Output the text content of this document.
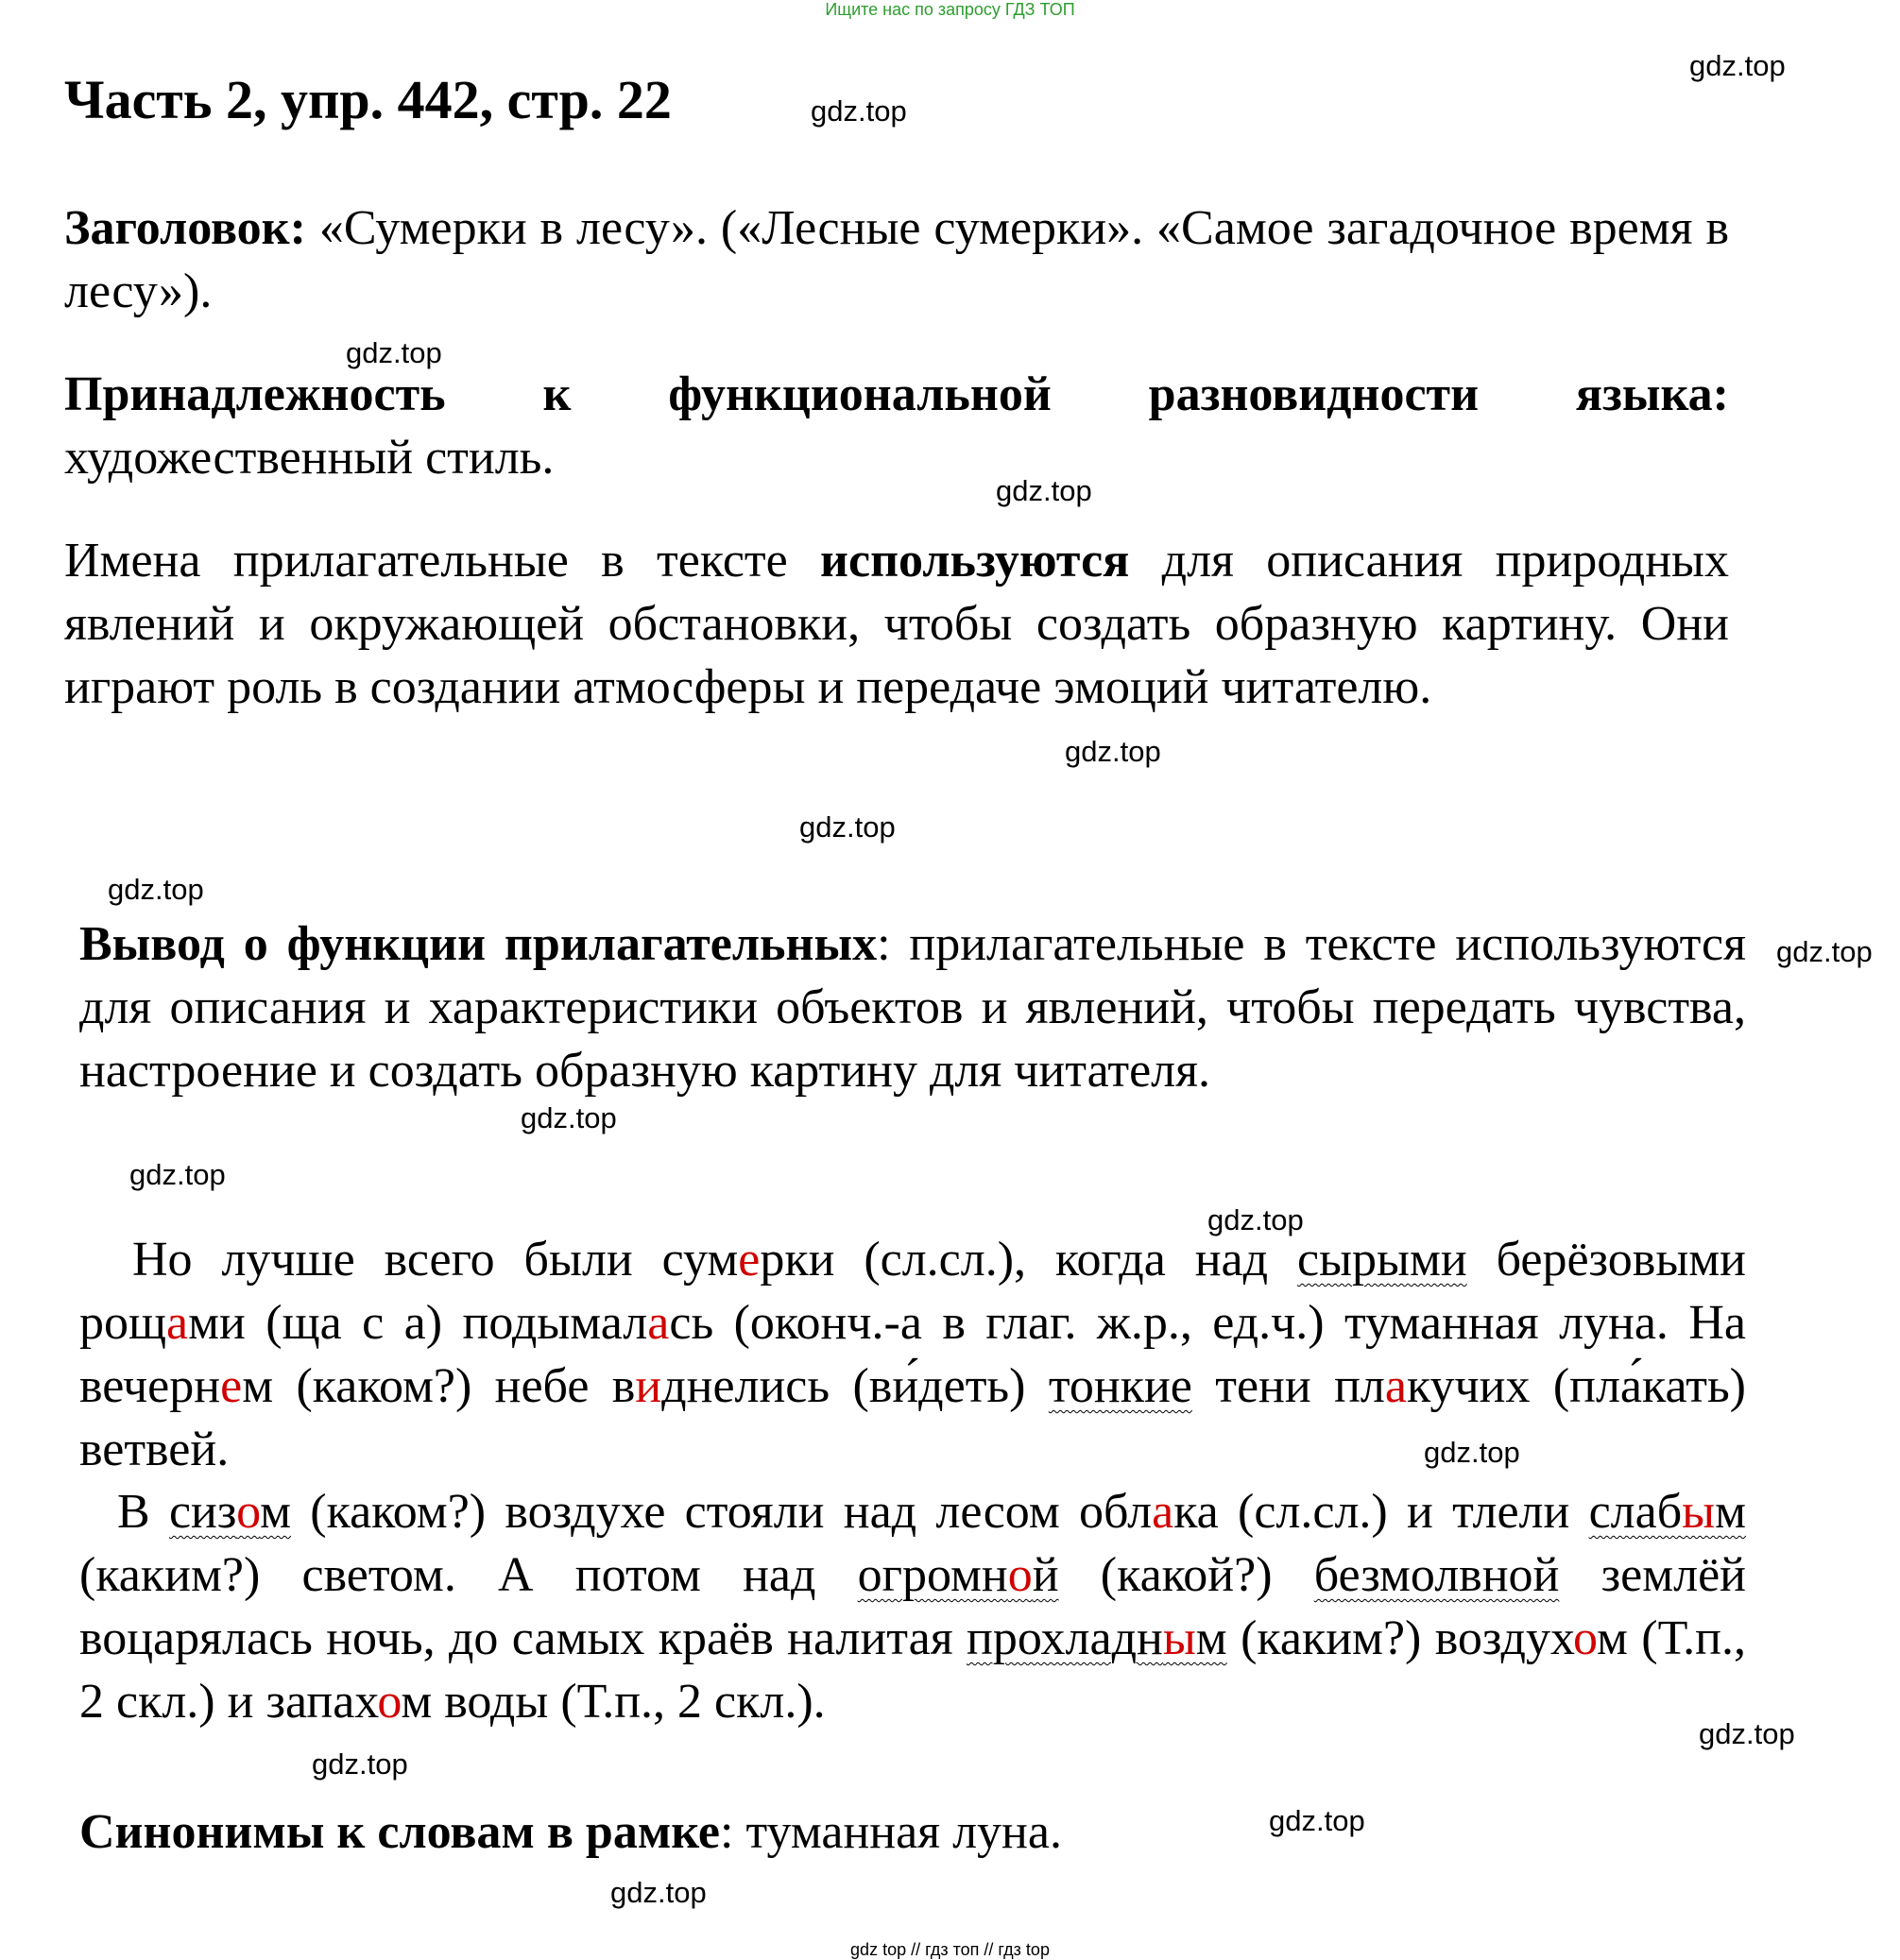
Ищите нас по запросу ГДЗ ТОП
Часть 2, упр. 442, стр. 22
Заголовок: «Сумерки в лесу». («Лесные сумерки». «Самое загадочное время в лесу»).
Принадлежность к функциональной разновидности языка: художественный стиль.
Имена прилагательные в тексте используются для описания природных явлений и окружающей обстановки, чтобы создать образную картину. Они играют роль в создании атмосферы и передаче эмоций читателю.
Вывод о функции прилагательных: прилагательные в тексте используются для описания и характеристики объектов и явлений, чтобы передать чувства, настроение и создать образную картину для читателя.
Но лучше всего были сумерки (сл.сл.), когда над сырыми берёзовыми рощами (ща с а) подымалась (оконч.-а в глаг. ж.р., ед.ч.) туманная луна. На вечернем (каком?) небе виднелись (ви́деть) тонкие тени плакучих (пла́кать) ветвей.
В сизом (каком?) воздухе стояли над лесом облака (сл.сл.) и тлели слабым (каким?) светом. А потом над огромной (какой?) безмолвной землёй воцарялась ночь, до самых краёв налитая прохладным (каким?) воздухом (Т.п., 2 скл.) и запахом воды (Т.п., 2 скл.).
Синонимы к словам в рамке: туманная луна.
gdz.top
gdz.top
gdz.top
gdz.top
gdz.top
gdz.top
gdz.top
gdz.top
gdz.top
gdz.top
gdz.top
gdz.top
gdz.top
gdz.top
gdz.top
gdz.top
gdz top // гдз топ // гдз top
